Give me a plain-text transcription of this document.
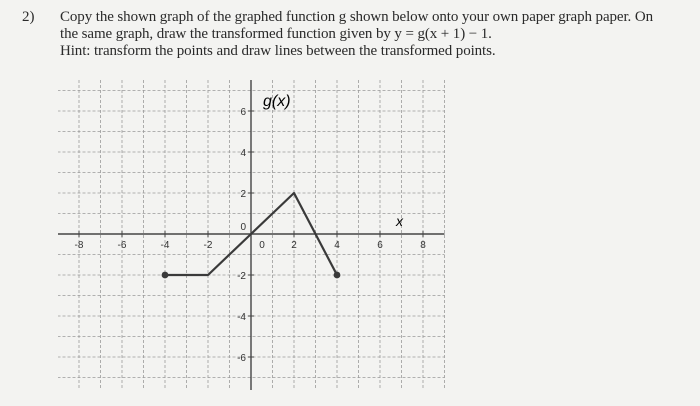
2) Copy the shown graph of the graphed function g shown below onto your own paper graph paper. On
the same graph, draw the transformed function given by y = g(x + 1) − 1.
Hint: transform the points and draw lines between the transformed points.
-8	-6	-4	-2	2	4	6	8
0
6
4
2
0
-2
-4
-6
g(x)
x
